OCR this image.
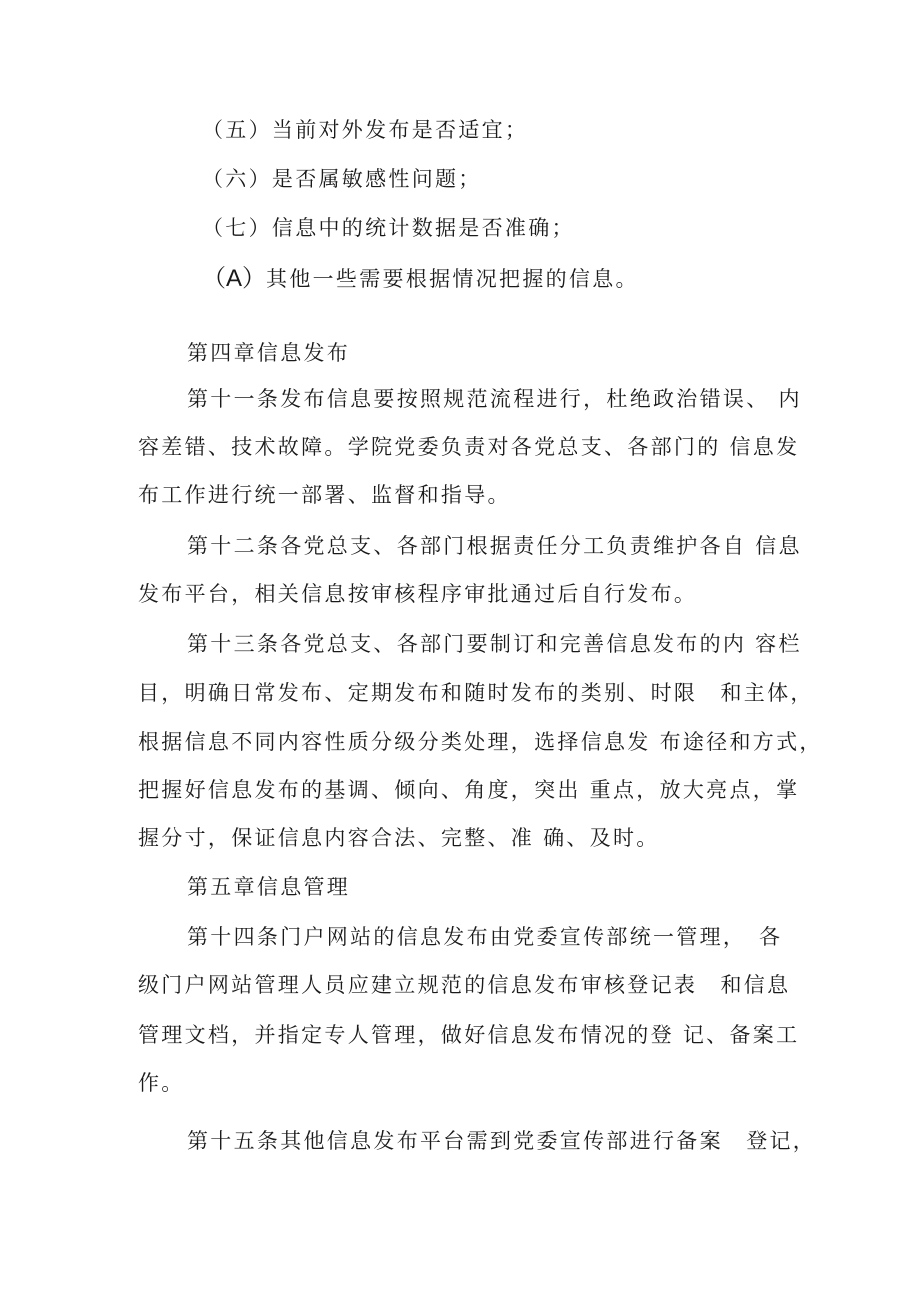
（五）当前对外发布是否适宜；
（六）是否属敏感性问题；
（七）信息中的统计数据是否准确；
（A）其他一些需要根据情况把握的信息。
第四章信息发布
第十一条发布信息要按照规范流程进行，杜绝政治错误、 内
容差错、技术故障。学院党委负责对各党总支、各部门的 信息发
布工作进行统一部署、监督和指导。
第十二条各党总支、各部门根据责任分工负责维护各自 信息
发布平台，相关信息按审核程序审批通过后自行发布。
第十三条各党总支、各部门要制订和完善信息发布的内 容栏
目，明确日常发布、定期发布和随时发布的类别、时限　和主体，
根据信息不同内容性质分级分类处理，选择信息发 布途径和方式，
把握好信息发布的基调、倾向、角度，突出 重点，放大亮点，掌
握分寸，保证信息内容合法、完整、准 确、及时。
第五章信息管理
第十四条门户网站的信息发布由党委宣传部统一管理，　各
级门户网站管理人员应建立规范的信息发布审核登记表　和信息
管理文档，并指定专人管理，做好信息发布情况的登 记、备案工
作。
第十五条其他信息发布平台需到党委宣传部进行备案　登记，
